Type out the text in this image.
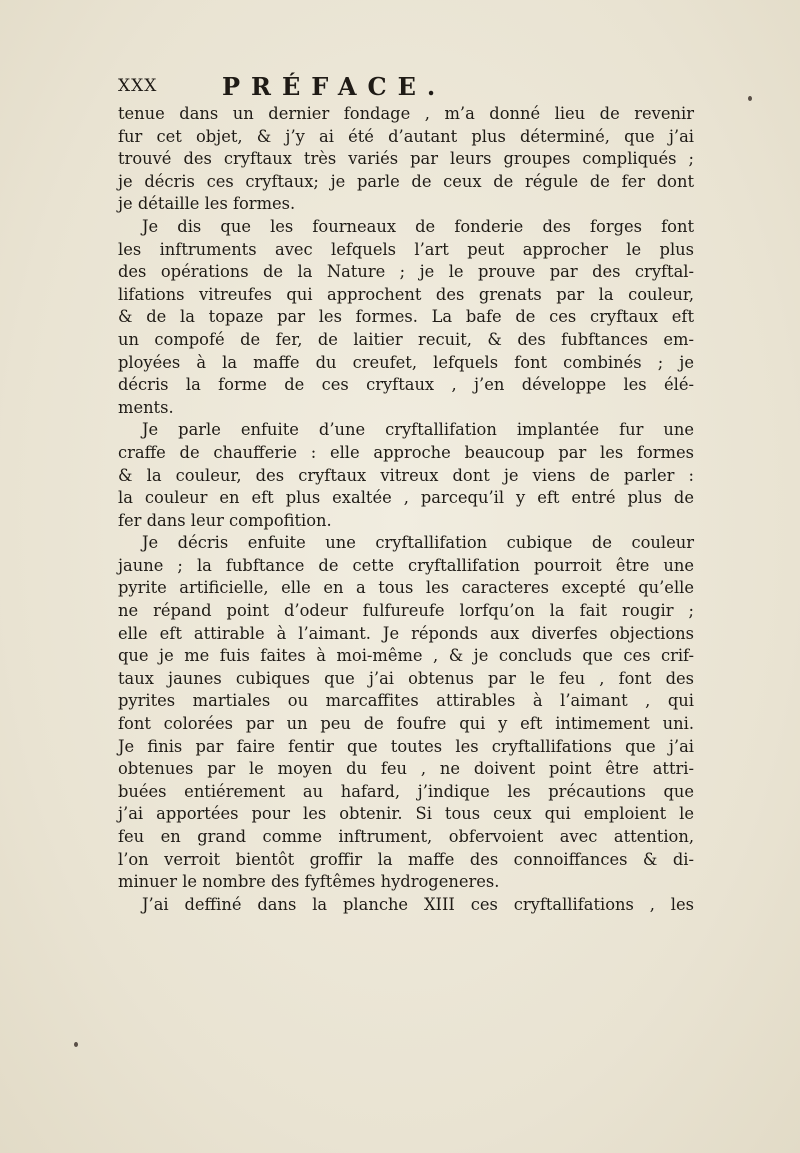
XXX	PRÉFACE.
tenue dans un dernier fondage , m’a donné lieu de revenir
fur cet objet, & j’y ai été d’autant plus déterminé, que j’ai
trouvé des cryftaux très variés par leurs groupes compliqués ;
je décris ces cryftaux; je parle de ceux de régule de fer dont
je détaille les formes.
Je dis que les fourneaux de fonderie des forges font
les inftruments avec lefquels l’art peut approcher le plus
des opérations de la Nature ; je le prouve par des cryftal-
lifations vitreufes qui approchent des grenats par la couleur,
& de la topaze par les formes. La bafe de ces cryftaux eft
un compofé de fer, de laitier recuit, & des fubftances em-
ployées à la maffe du creufet, lefquels font combinés ; je
décris la forme de ces cryftaux , j’en développe les élé-
ments.
Je parle enfuite d’une cryftallifation implantée fur une
craffe de chaufferie : elle approche beaucoup par les formes
& la couleur, des cryftaux vitreux dont je viens de parler :
la couleur en eft plus exaltée , parcequ’il y eft entré plus de
fer dans leur compofition.
Je décris enfuite une cryftallifation cubique de couleur
jaune ; la fubftance de cette cryftallifation pourroit être une
pyrite artificielle, elle en a tous les caracteres excepté qu’elle
ne répand point d’odeur fulfureufe lorfqu’on la fait rougir ;
elle eft attirable à l’aimant. Je réponds aux diverfes objections
que je me fuis faites à moi-même , & je concluds que ces crif-
taux jaunes cubiques que j’ai obtenus par le feu , font des
pyrites martiales ou marcaffites attirables à l’aimant , qui
font colorées par un peu de foufre qui y eft intimement uni.
Je finis par faire fentir que toutes les cryftallifations que j’ai
obtenues par le moyen du feu , ne doivent point être attri-
buées entiérement au hafard, j’indique les précautions que
j’ai apportées pour les obtenir. Si tous ceux qui emploient le
feu en grand comme inftrument, obfervoient avec attention,
l’on verroit bientôt groffir la maffe des connoiffances & di-
minuer le nombre des fyftêmes hydrogeneres.
J’ai deffiné dans la planche XIII ces cryftallifations , les
